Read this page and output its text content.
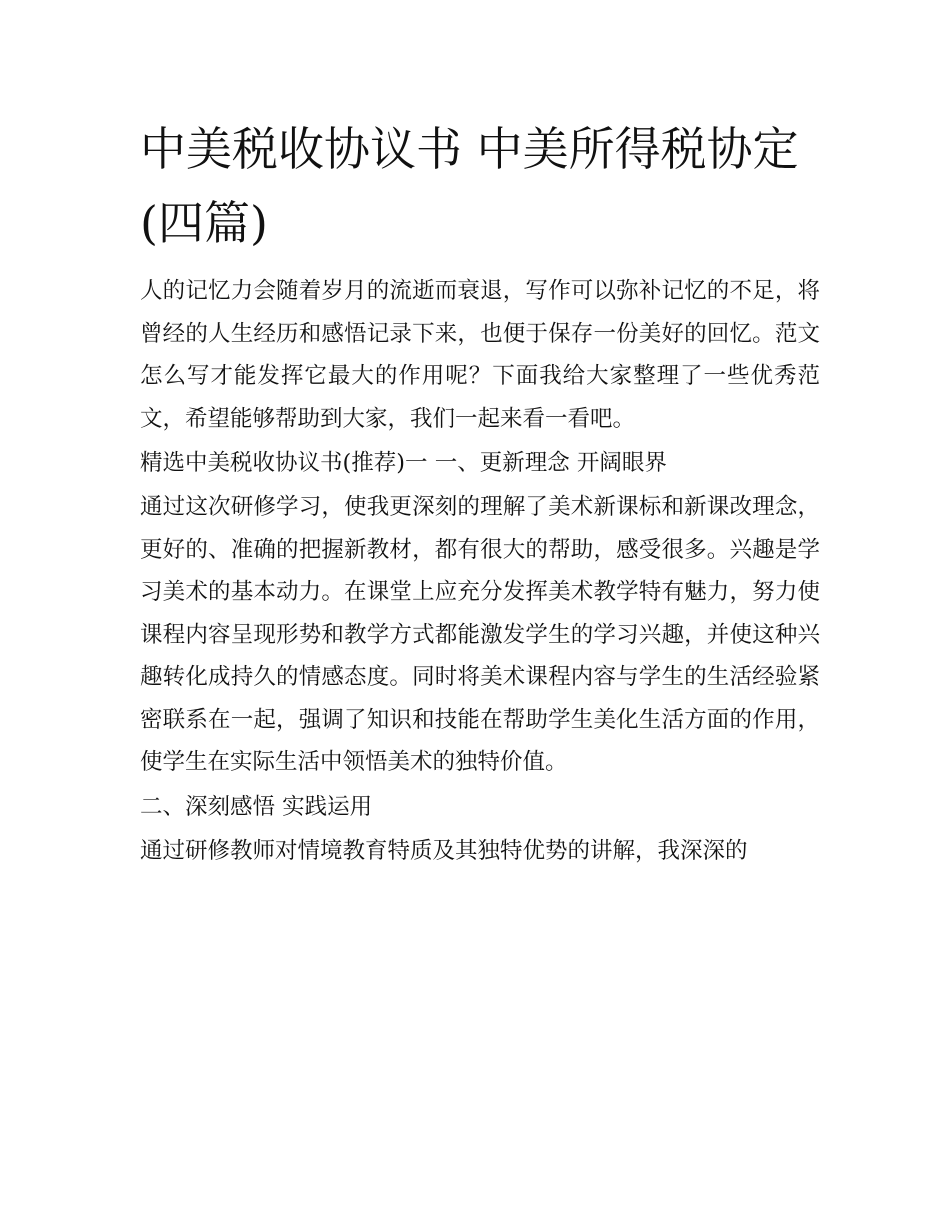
中美税收协议书 中美所得税协定(四篇)

人的记忆力会随着岁月的流逝而衰退，写作可以弥补记忆的不足，将曾经的人生经历和感悟记录下来，也便于保存一份美好的回忆。范文怎么写才能发挥它最大的作用呢？下面我给大家整理了一些优秀范文，希望能够帮助到大家，我们一起来看一看吧。

精选中美税收协议书(推荐)一 一、更新理念 开阔眼界

通过这次研修学习，使我更深刻的理解了美术新课标和新课改理念，更好的、准确的把握新教材，都有很大的帮助，感受很多。兴趣是学习美术的基本动力。在课堂上应充分发挥美术教学特有魅力，努力使课程内容呈现形势和教学方式都能激发学生的学习兴趣，并使这种兴趣转化成持久的情感态度。同时将美术课程内容与学生的生活经验紧密联系在一起，强调了知识和技能在帮助学生美化生活方面的作用，使学生在实际生活中领悟美术的独特价值。

二、深刻感悟 实践运用

通过研修教师对情境教育特质及其独特优势的讲解，我深深的
